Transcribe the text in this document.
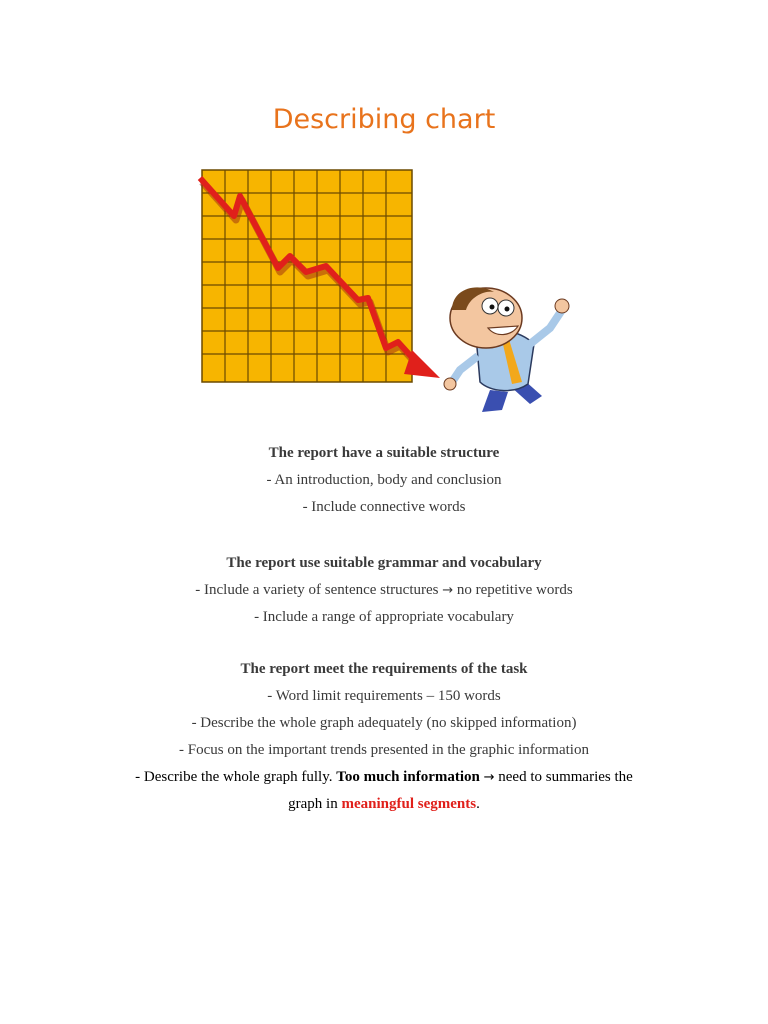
Describing chart
The report have a suitable structure
- An introduction, body and conclusion
- Include connective words
The report use suitable grammar and vocabulary
- Include a variety of sentence structures → no repetitive words
- Include a range of appropriate vocabulary
The report meet the requirements of the task
- Word limit requirements – 150 words
- Describe the whole graph adequately (no skipped information)
- Focus on the important trends presented in the graphic information
- Describe the whole graph fully. Too much information → need to summaries the
graph in meaningful segments.
